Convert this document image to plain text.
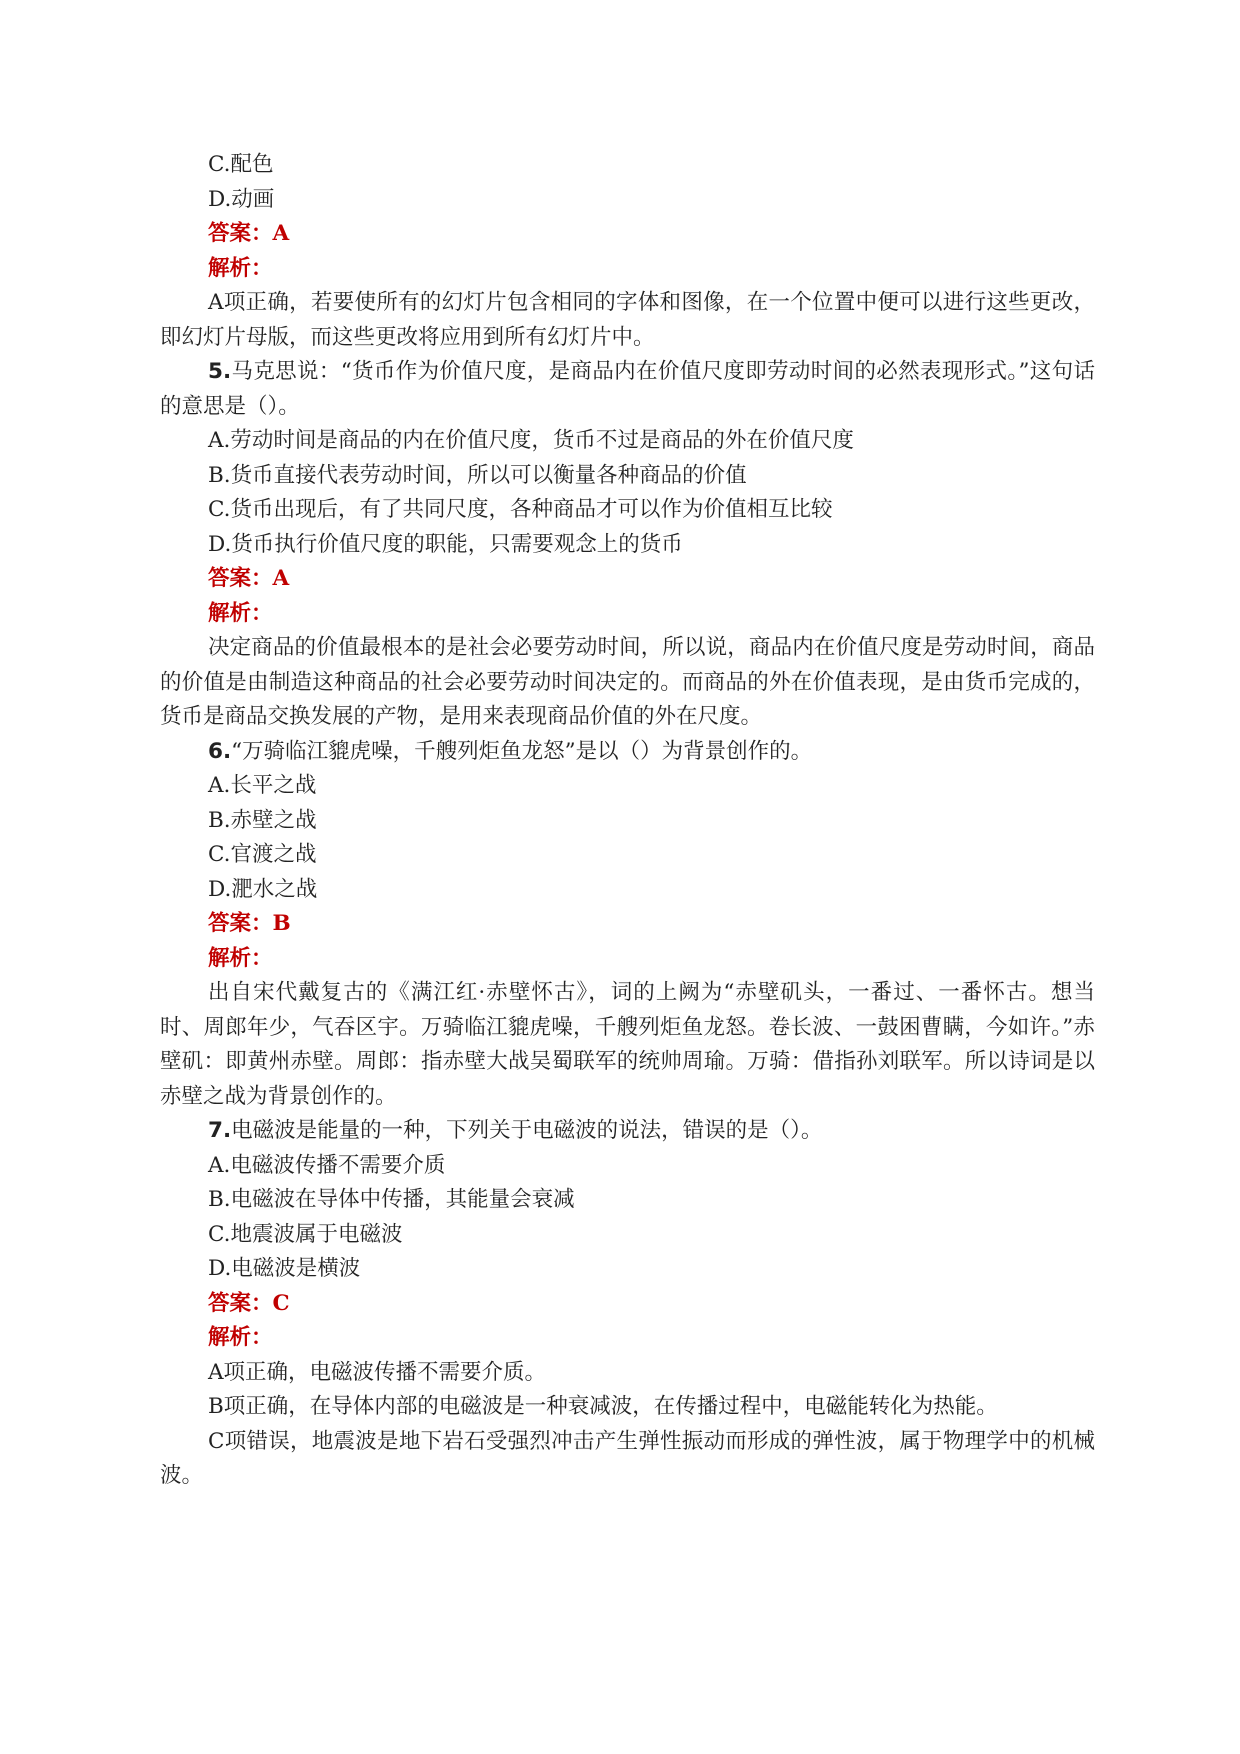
C.配色
D.动画
答案：A
解析：
A项正确，若要使所有的幻灯片包含相同的字体和图像，在一个位置中便可以进行这些更改，即幻灯片母版，而这些更改将应用到所有幻灯片中。
5.马克思说：“货币作为价值尺度，是商品内在价值尺度即劳动时间的必然表现形式。”这句话的意思是（）。
A.劳动时间是商品的内在价值尺度，货币不过是商品的外在价值尺度
B.货币直接代表劳动时间，所以可以衡量各种商品的价值
C.货币出现后，有了共同尺度，各种商品才可以作为价值相互比较
D.货币执行价值尺度的职能，只需要观念上的货币
答案：A
解析：
决定商品的价值最根本的是社会必要劳动时间，所以说，商品内在价值尺度是劳动时间，商品的价值是由制造这种商品的社会必要劳动时间决定的。而商品的外在价值表现，是由货币完成的，货币是商品交换发展的产物，是用来表现商品价值的外在尺度。
6.“万骑临江貔虎噪，千艘列炬鱼龙怒”是以（）为背景创作的。
A.长平之战
B.赤壁之战
C.官渡之战
D.淝水之战
答案：B
解析：
出自宋代戴复古的《满江红·赤壁怀古》，词的上阙为“赤壁矶头，一番过、一番怀古。想当时、周郎年少，气吞区宇。万骑临江貔虎噪，千艘列炬鱼龙怒。卷长波、一鼓困曹瞒，今如许。”赤壁矶：即黄州赤壁。周郎：指赤壁大战吴蜀联军的统帅周瑜。万骑：借指孙刘联军。所以诗词是以赤壁之战为背景创作的。
7.电磁波是能量的一种，下列关于电磁波的说法，错误的是（）。
A.电磁波传播不需要介质
B.电磁波在导体中传播，其能量会衰减
C.地震波属于电磁波
D.电磁波是横波
答案：C
解析：
A项正确，电磁波传播不需要介质。
B项正确，在导体内部的电磁波是一种衰减波，在传播过程中，电磁能转化为热能。
C项错误，地震波是地下岩石受强烈冲击产生弹性振动而形成的弹性波，属于物理学中的机械波。
